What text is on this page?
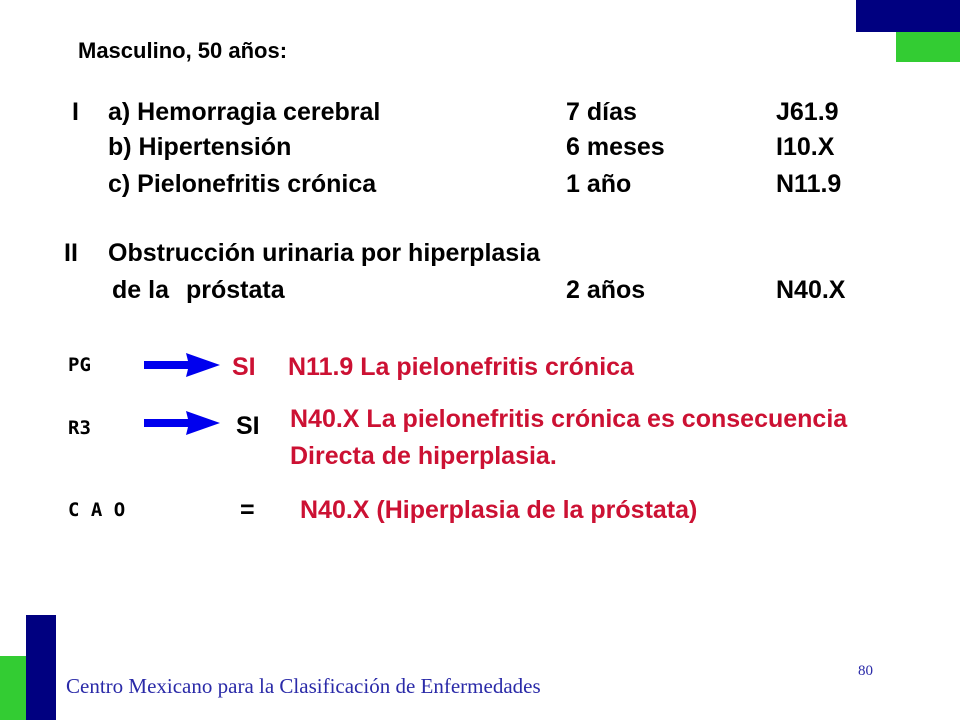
Masculino, 50 años:
I a) Hemorragia cerebral	7 días	J61.9
b) Hipertensión	6 meses	I10.X
c) Pielonefritis crónica	1 año	N11.9
II Obstrucción urinaria por hiperplasia
de la próstata	2 años	N40.X
PG	SI N11.9 La pielonefritis crónica
R3	SI N40.X La pielonefritis crónica es consecuencia
Directa de hiperplasia.
C A O	= N40.X (Hiperplasia de la próstata)
Centro Mexicano para la Clasificación de Enfermedades
80
